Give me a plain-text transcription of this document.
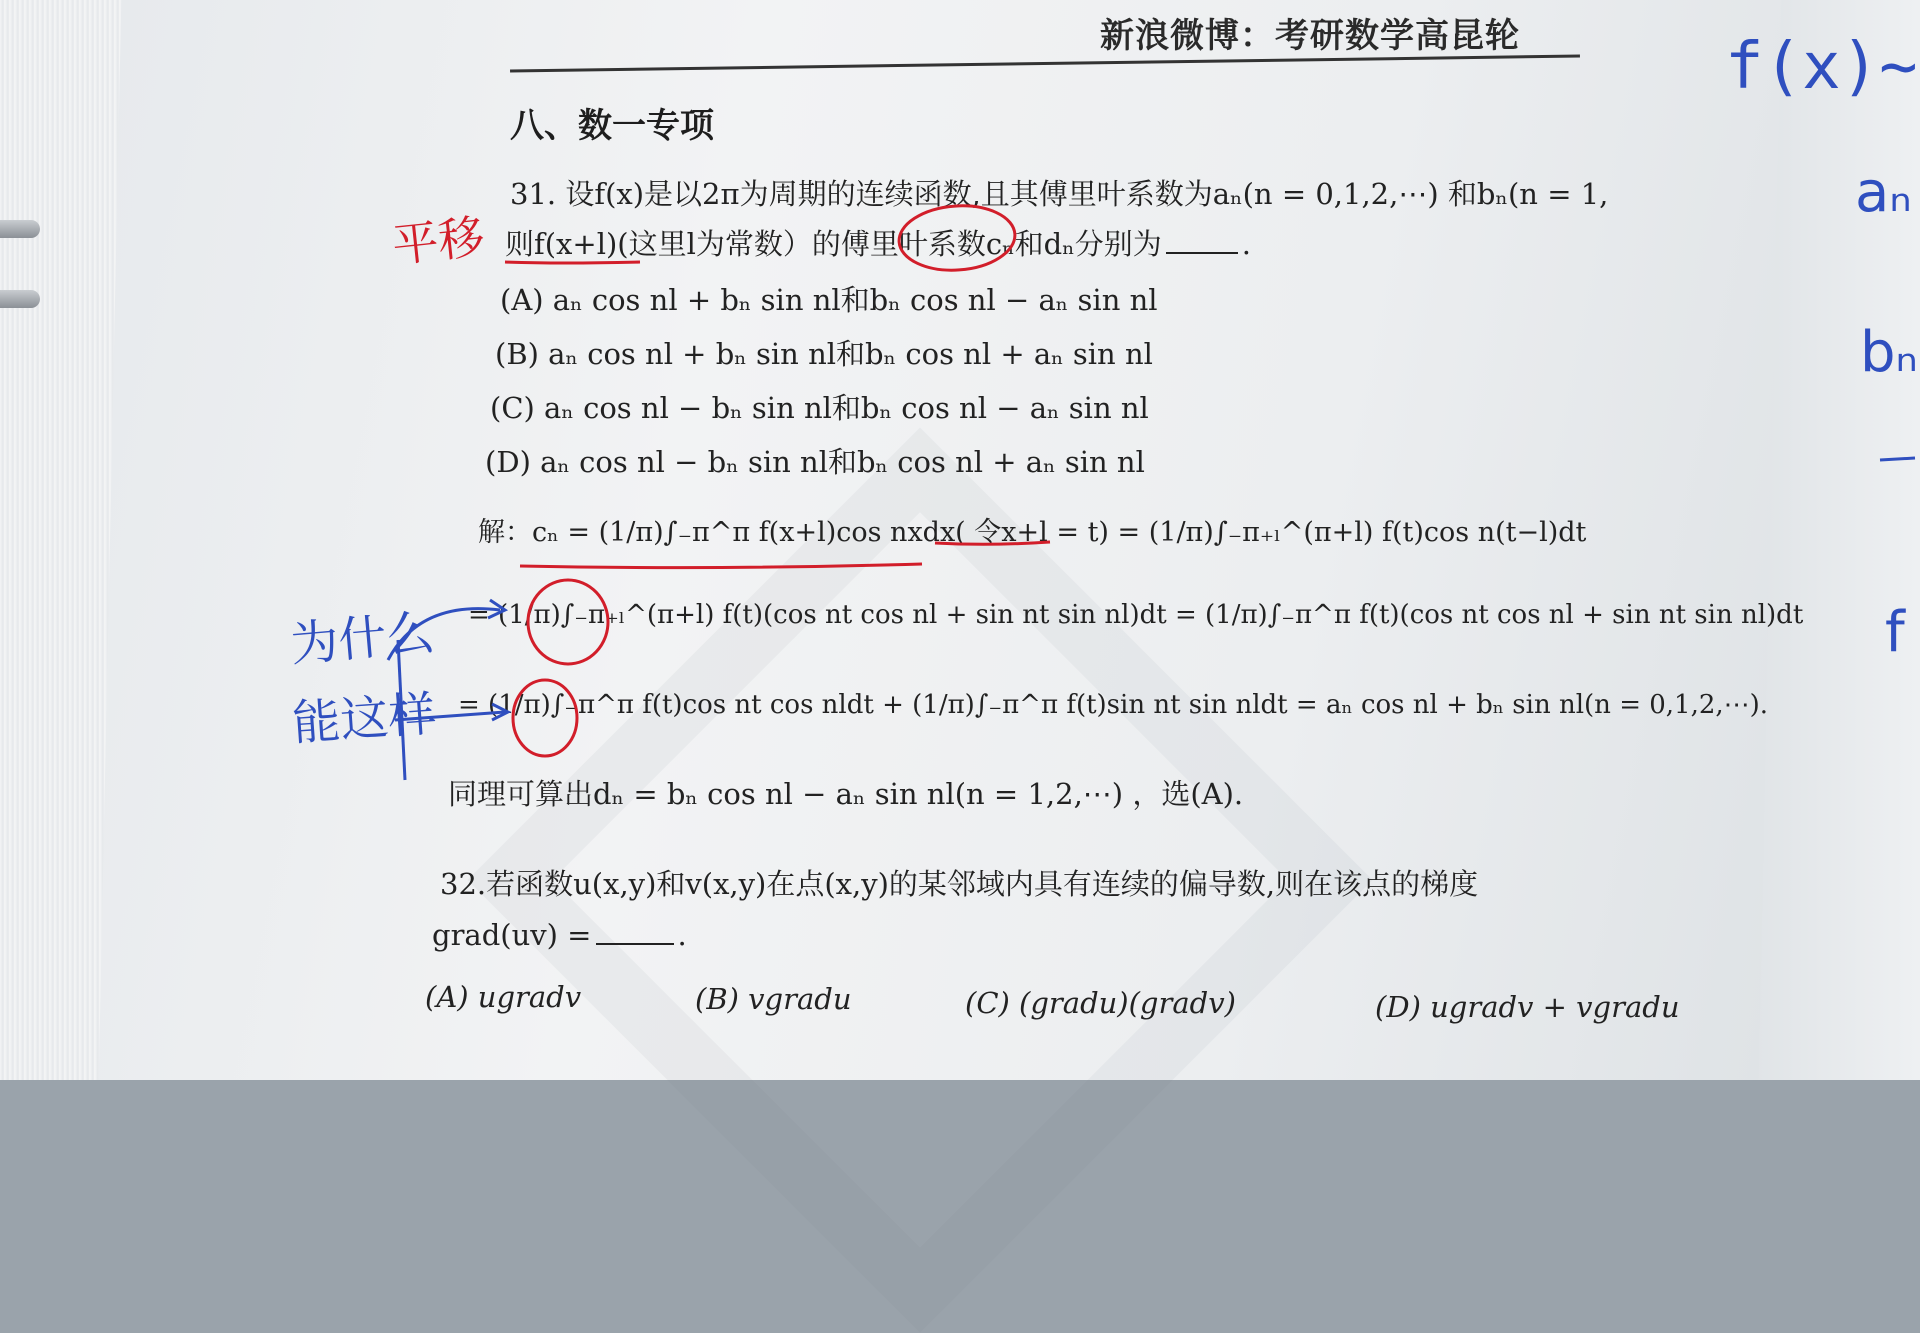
新浪微博：考研数学高昆轮
八、数一专项
31. 设f(x)是以2π为周期的连续函数,且其傅里叶系数为aₙ(n = 0,1,2,⋯) 和bₙ(n = 1,
则f(x+l)(这里l为常数）的傅里叶系数cₙ和dₙ分别为	.
(A) aₙ cos nl + bₙ sin nl和bₙ cos nl − aₙ sin nl
(B) aₙ cos nl + bₙ sin nl和bₙ cos nl + aₙ sin nl
(C) aₙ cos nl − bₙ sin nl和bₙ cos nl − aₙ sin nl
(D) aₙ cos nl − bₙ sin nl和bₙ cos nl + aₙ sin nl
解：cₙ = (1/π)∫₋π^π f(x+l)cos nxdx( 令x+l = t) = (1/π)∫₋π₊ₗ^(π+l) f(t)cos n(t−l)dt
= (1/π)∫₋π₊ₗ^(π+l) f(t)(cos nt cos nl + sin nt sin nl)dt = (1/π)∫₋π^π f(t)(cos nt cos nl + sin nt sin nl)dt
= (1/π)∫₋π^π f(t)cos nt cos nldt + (1/π)∫₋π^π f(t)sin nt sin nldt = aₙ cos nl + bₙ sin nl(n = 0,1,2,⋯).
同理可算出dₙ = bₙ cos nl − aₙ sin nl(n = 1,2,⋯) ，选(A).
32.若函数u(x,y)和v(x,y)在点(x,y)的某邻域内具有连续的偏导数,则在该点的梯度
grad(uv) =	.
(A) ugradv	(B) vgradu	(C) (gradu)(gradv)	(D) ugradv + vgradu
平移
为什么
能这样
f(x)~
aₙ
bₙ
f
